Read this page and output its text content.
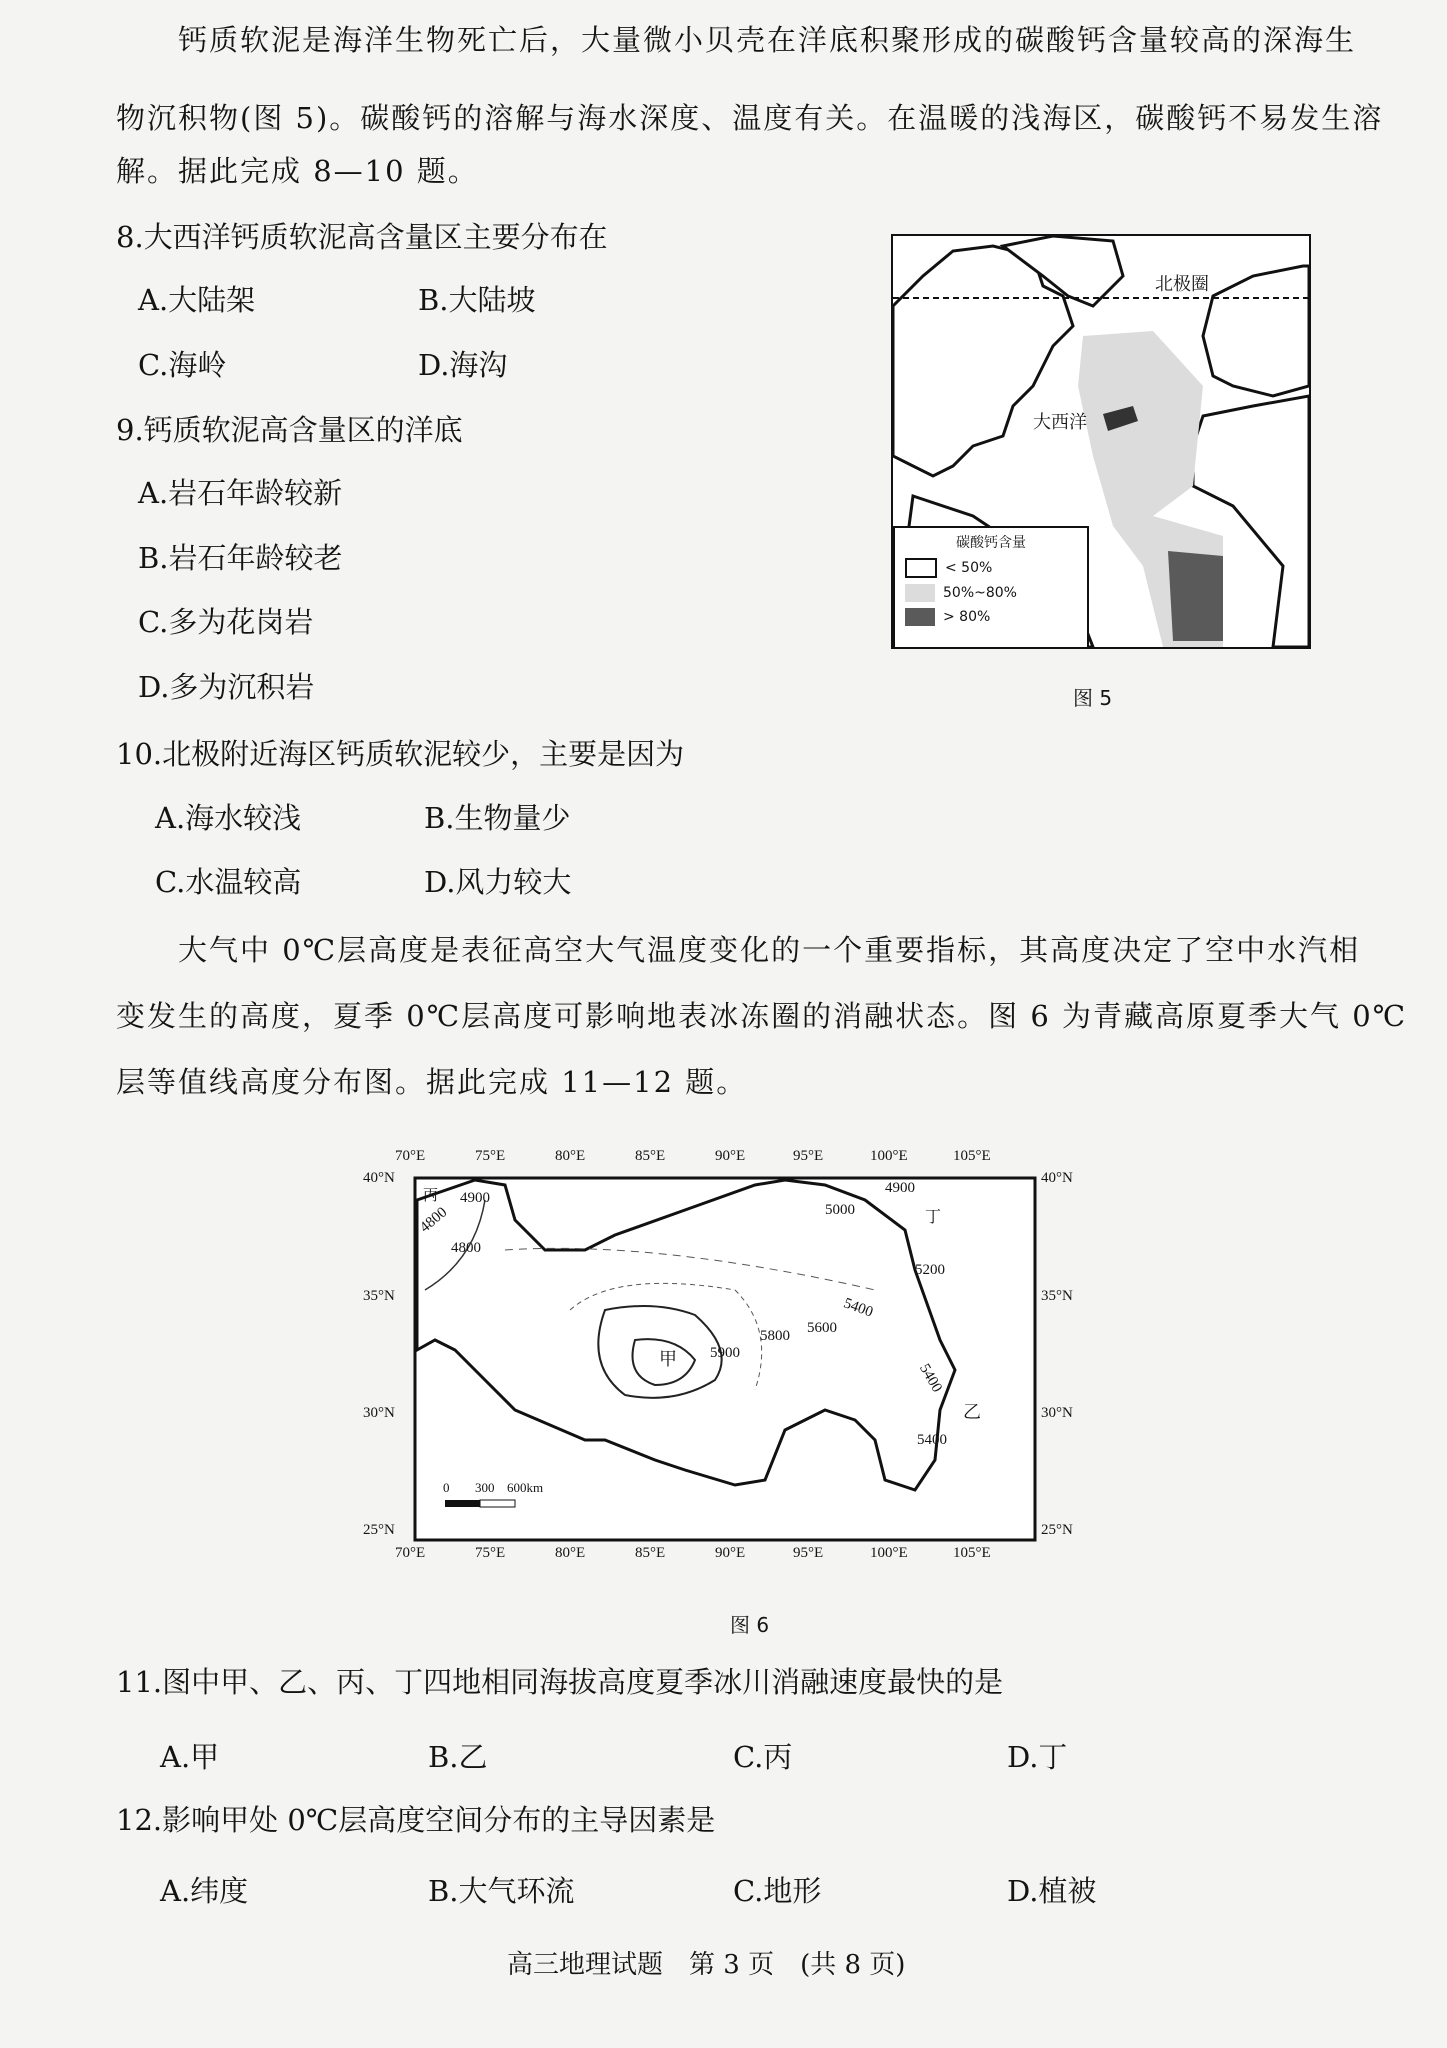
钙质软泥是海洋生物死亡后，大量微小贝壳在洋底积聚形成的碳酸钙含量较高的深海生
物沉积物(图 5)。碳酸钙的溶解与海水深度、温度有关。在温暖的浅海区，碳酸钙不易发生溶
解。据此完成 8—10 题。
8.大西洋钙质软泥高含量区主要分布在
A.大陆架	B.大陆坡
C.海岭	D.海沟
9.钙质软泥高含量区的洋底
A.岩石年龄较新
B.岩石年龄较老
C.多为花岗岩
D.多为沉积岩
北极圈
大西洋
碳酸钙含量
< 50%
50%~80%
> 80%
图 5
10.北极附近海区钙质软泥较少，主要是因为
A.海水较浅	B.生物量少
C.水温较高	D.风力较大
大气中 0℃层高度是表征高空大气温度变化的一个重要指标，其高度决定了空中水汽相
变发生的高度，夏季 0℃层高度可影响地表冰冻圈的消融状态。图 6 为青藏高原夏季大气 0℃
层等值线高度分布图。据此完成 11—12 题。
70°E	75°E	80°E	85°E	90°E	95°E	100°E	105°E
70°E	75°E	80°E	85°E	90°E	95°E	100°E	105°E
40°N
35°N
30°N
25°N
40°N
35°N
30°N
25°N
4800
4900
4800
5000
4900
5200
5400
5600
5800
5900
5400
5400
甲
乙
丙
丁
0 300 600km
图 6
11.图中甲、乙、丙、丁四地相同海拔高度夏季冰川消融速度最快的是
A.甲	B.乙	C.丙	D.丁
12.影响甲处 0℃层高度空间分布的主导因素是
A.纬度	B.大气环流	C.地形	D.植被
高三地理试题　第 3 页　(共 8 页)
